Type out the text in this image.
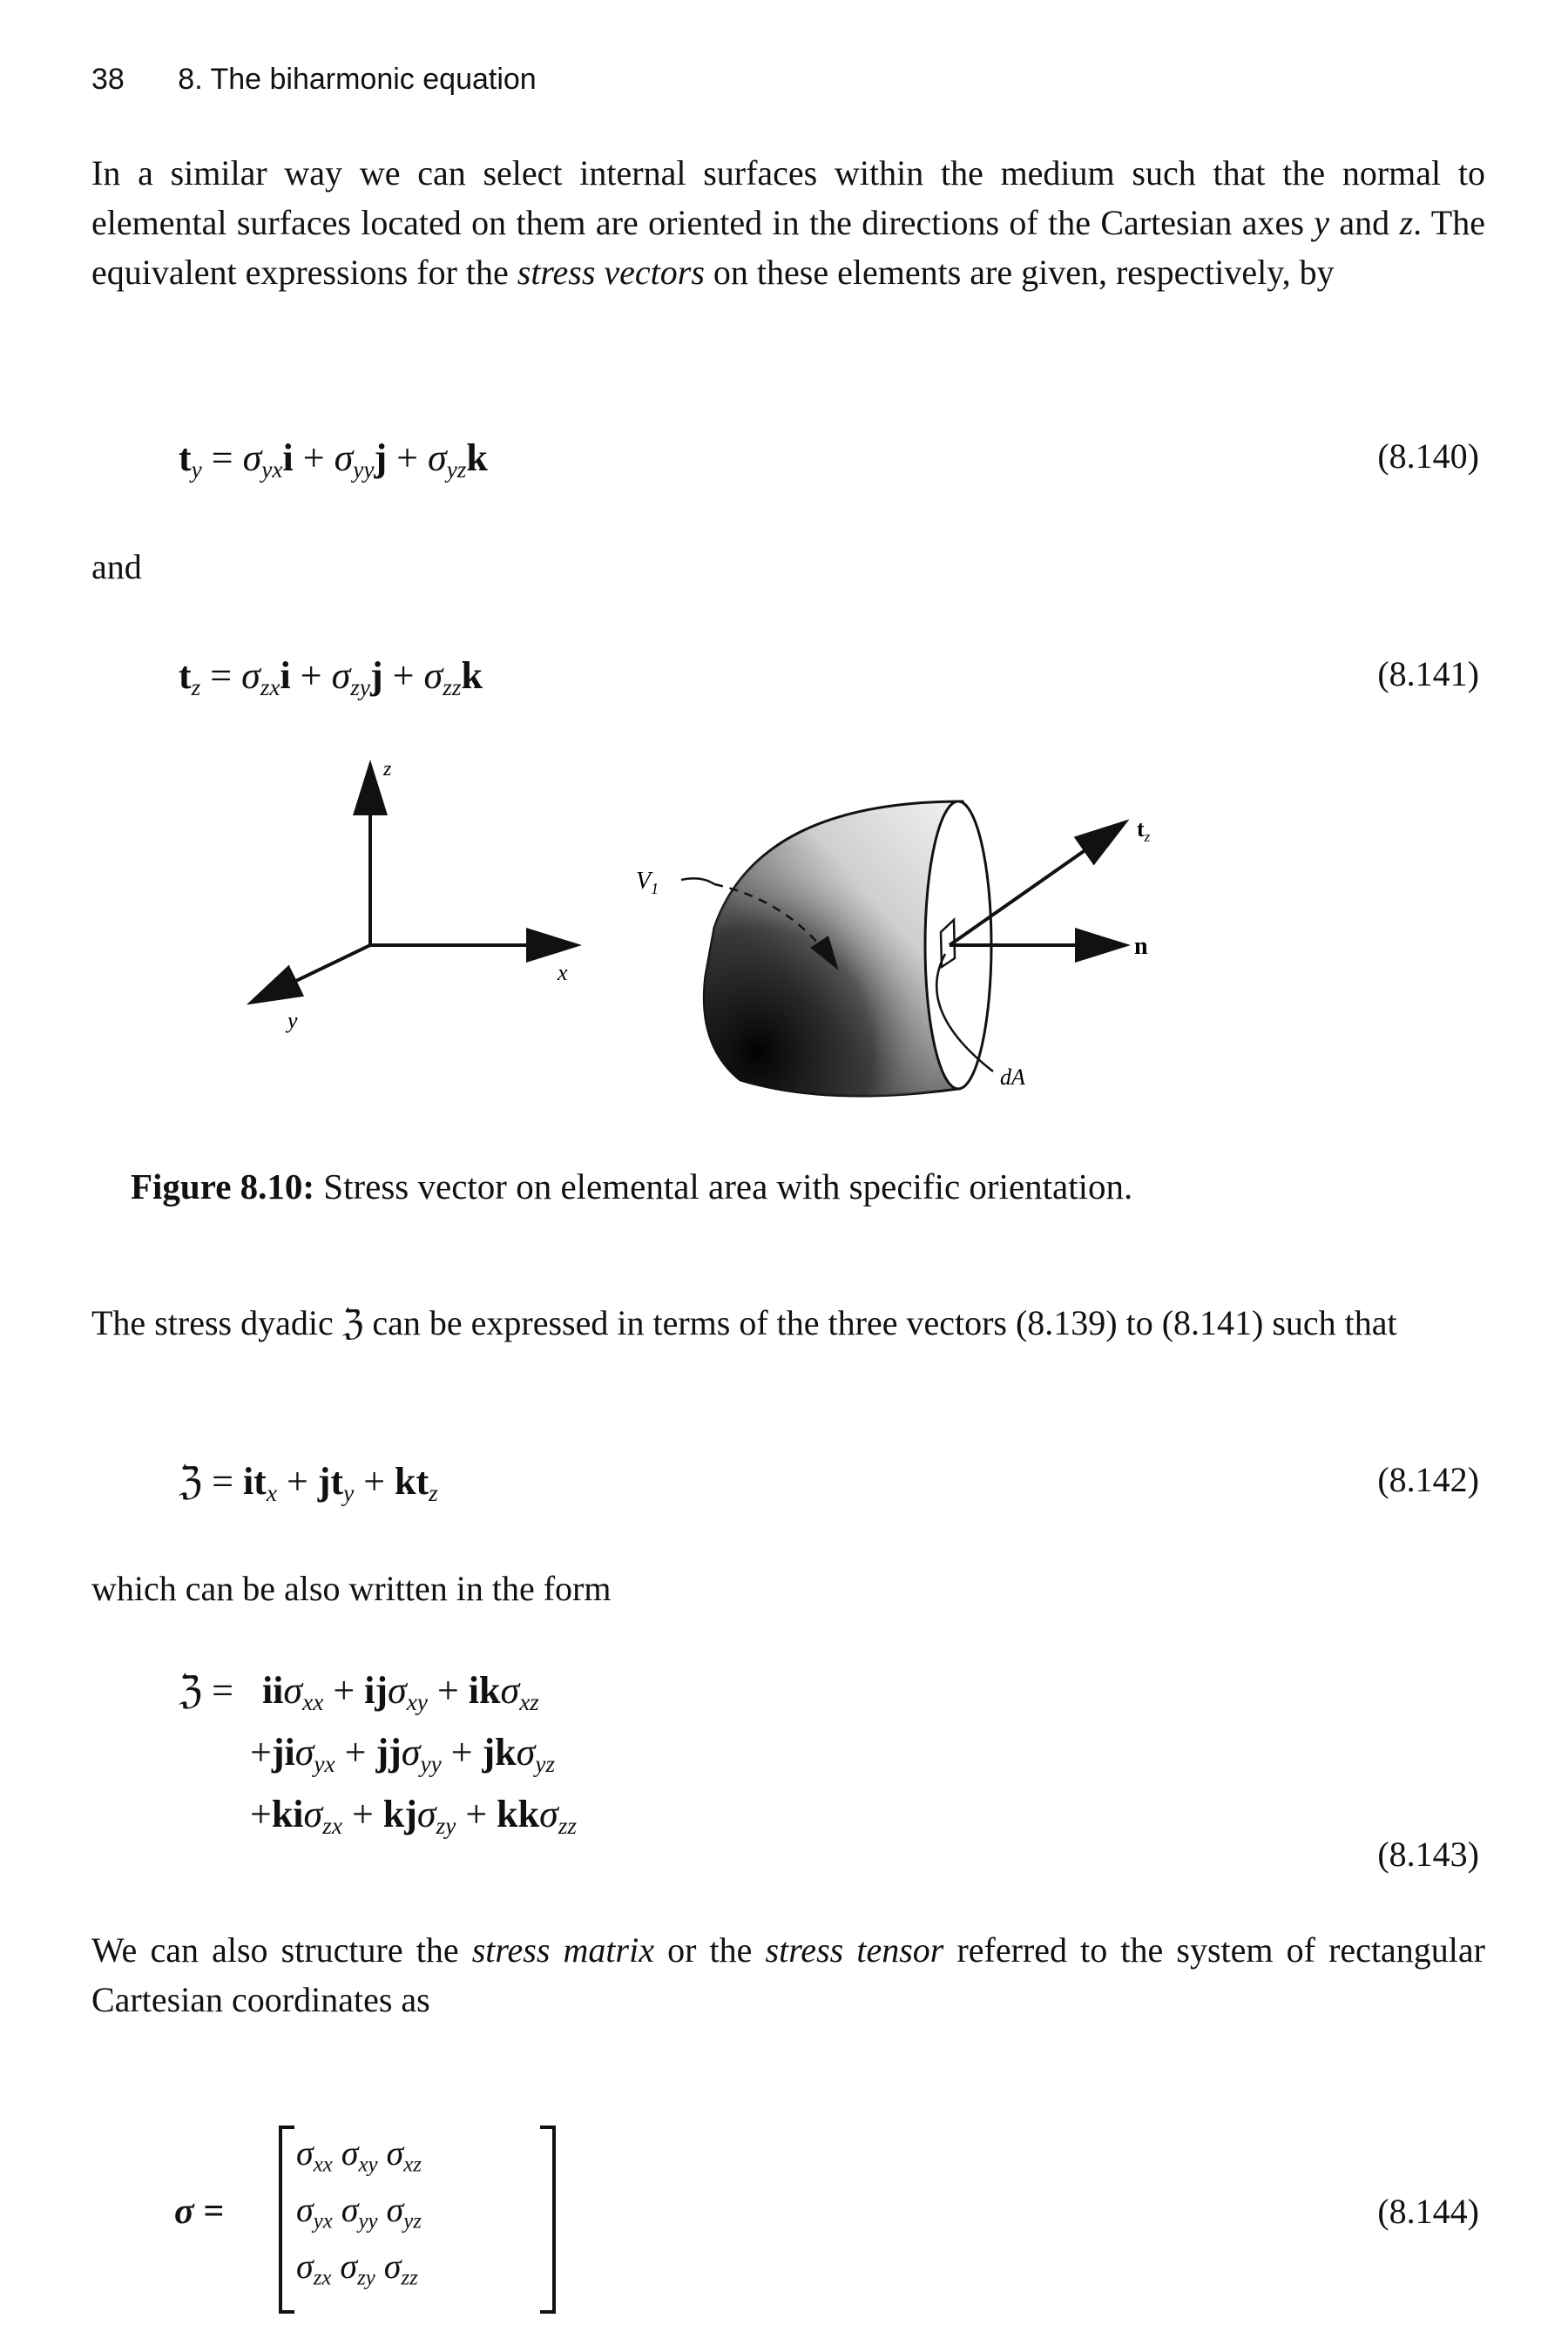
38 8. The biharmonic equation

In a similar way we can select internal surfaces within the medium such that the normal to elemental surfaces located on them are oriented in the directions of the Cartesian axes y and z. The equivalent expressions for the stress vectors on these elements are given, respectively, by

$t_y = \sigma_{yx}i + \sigma_{yy}j + \sigma_{yz}k$	(8.140)
and
$t_z = \sigma_{zx}i + \sigma_{zy}j + \sigma_{zz}k$	(8.141)
z
x
y
$V_1$
$t_z$
n
dA
Figure 8.10: Stress vector on elemental area with specific orientation.

The stress dyadic ℨ can be expressed in terms of the three vectors (8.139) to (8.141) such that

ℨ = $it_x + jt_y + kt_z$	(8.142)
which can be also written in the form
ℨ =   iiσ$_{xx}$ + ijσ$_{xy}$ + ikσ$_{xz}$
+jiσ$_{yx}$ + jjσ$_{yy}$ + jkσ$_{yz}$
+kiσ$_{zx}$ + kjσ$_{zy}$ + kkσ$_{zz}$
(8.143)

We can also structure the stress matrix or the stress tensor referred to the system of rectangular Cartesian coordinates as

σ =
$\sigma_{xx}$ $\sigma_{xy}$ $\sigma_{xz}$
$\sigma_{yx}$ $\sigma_{yy}$ $\sigma_{yz}$
$\sigma_{zx}$ $\sigma_{zy}$ $\sigma_{zz}$
(8.144)
